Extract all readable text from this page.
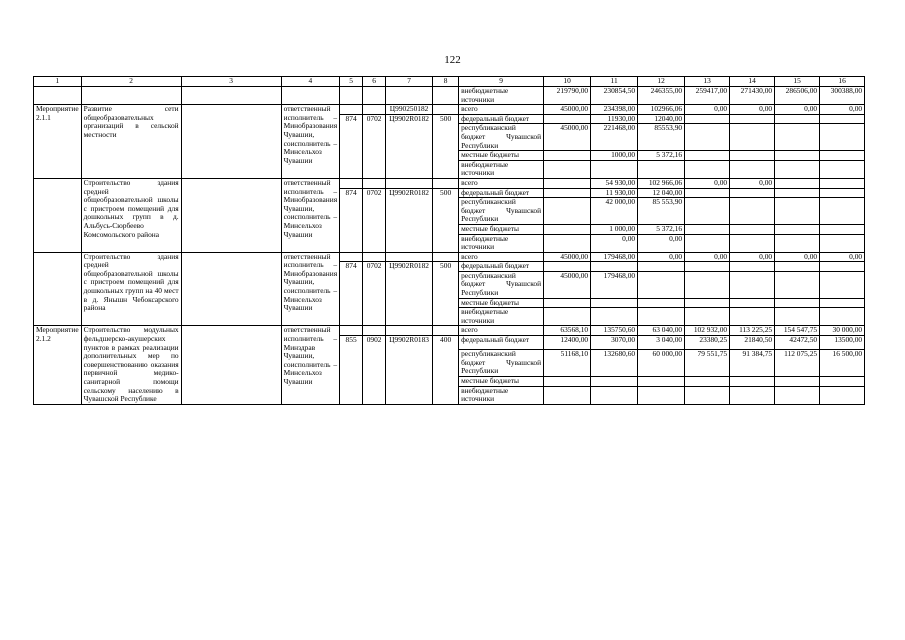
122
1	2	3	4	5	6	7	8	9	10	11	12	13	14	15	16
								внебюджетные источники	219790,00	230854,50	246355,00	259417,00	271430,00	286506,00	300388,00
Мероприятие 2.1.1	Развитие сети общеобразовательных организаций в сельской местности		ответственный исполнитель – Минобразования Чувашии, соисполнитель – Минсельхоз Чувашии			Ц990250182		всего	45000,00	234398,00	102966,06	0,00	0,00	0,00	0,00
				874	0702	Ц9902R0182	500	федеральный бюджет		11930,00	12040,00				
								республиканский бюджет Чувашской Республики	45000,00	221468,00	85553,90				
								местные бюджеты		1000,00	5 372,16				
								внебюджетные источники							
	Строительство здания средней общеобразовательной школы с пристроем помещений для дошкольных групп в д. Альбусь-Сюрбеево Комсомольского района		ответственный исполнитель – Минобразования Чувашии, соисполнитель – Минсельхоз Чувашии					всего		54 930,00	102 966,06	0,00	0,00		
				874	0702	Ц9902R0182	500	федеральный бюджет		11 930,00	12 040,00				
								республиканский бюджет Чувашской Республики		42 000,00	85 553,90				
								местные бюджеты		1 000,00	5 372,16				
								внебюджетные источники		0,00	0,00				
	Строительство здания средней общеобразовательной школы с пристроем помещений для дошкольных групп на 40 мест в д. Янышн Чебоксарского района		ответственный исполнитель – Минобразования Чувашии, соисполнитель – Минсельхоз Чувашии					всего	45000,00	179468,00	0,00	0,00	0,00	0,00	0,00
				874	0702	Ц9902R0182	500	федеральный бюджет							
								республиканский бюджет Чувашской Республики	45000,00	179468,00					
								местные бюджеты							
								внебюджетные источники							
Мероприятие 2.1.2	Строительство модульных фельдшерско-акушерских пунктов в рамках реализации дополнительных мер по совершенствованию оказания первичной медико-санитарной помощи сельскому населению в Чувашской Республике		ответственный исполнитель – Минздрав Чувашии, соисполнитель – Минсельхоз Чувашии					всего	63568,10	135750,60	63 040,00	102 932,00	113 225,25	154 547,75	30 000,00
				855	0902	Ц9902R0183	400	федеральный бюджет	12400,00	3070,00	3 040,00	23380,25	21840,50	42472,50	13500,00
								республиканский бюджет Чувашской Республики	51168,10	132680,60	60 000,00	79 551,75	91 384,75	112 075,25	16 500,00
								местные бюджеты							
								внебюджетные источники							
